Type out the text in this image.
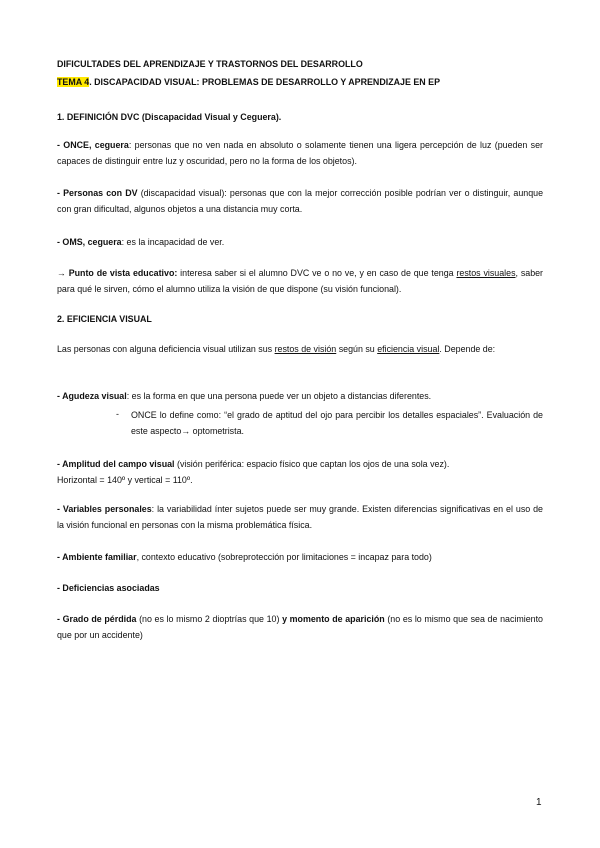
DIFICULTADES DEL APRENDIZAJE Y TRASTORNOS DEL DESARROLLO
TEMA 4. DISCAPACIDAD VISUAL: PROBLEMAS DE DESARROLLO Y APRENDIZAJE EN EP
1. DEFINICIÓN DVC (Discapacidad Visual y Ceguera).
- ONCE, ceguera: personas que no ven nada en absoluto o solamente tienen una ligera percepción de luz (pueden ser capaces de distinguir entre luz y oscuridad, pero no la forma de los objetos).
- Personas con DV (discapacidad visual): personas que con la mejor corrección posible podrían ver o distinguir, aunque con gran dificultad, algunos objetos a una distancia muy corta.
- OMS, ceguera: es la incapacidad de ver.
→ Punto de vista educativo: interesa saber si el alumno DVC ve o no ve, y en caso de que tenga restos visuales, saber para qué le sirven, cómo el alumno utiliza la visión de que dispone (su visión funcional).
2. EFICIENCIA VISUAL
Las personas con alguna deficiencia visual utilizan sus restos de visión según su eficiencia visual. Depende de:
- Agudeza visual: es la forma en que una persona puede ver un objeto a distancias diferentes.
- ONCE lo define como: “el grado de aptitud del ojo para percibir los detalles espaciales”. Evaluación de este aspecto→ optometrista.
- Amplitud del campo visual (visión periférica: espacio físico que captan los ojos de una sola vez).
Horizontal = 140º y vertical = 110º.
- Variables personales: la variabilidad ínter sujetos puede ser muy grande. Existen diferencias significativas en el uso de la visión funcional en personas con la misma problemática física.
- Ambiente familiar, contexto educativo (sobreprotección por limitaciones = incapaz para todo)
- Deficiencias asociadas
- Grado de pérdida (no es lo mismo 2 dioptrías que 10) y momento de aparición (no es lo mismo que sea de nacimiento que por un accidente)
1
